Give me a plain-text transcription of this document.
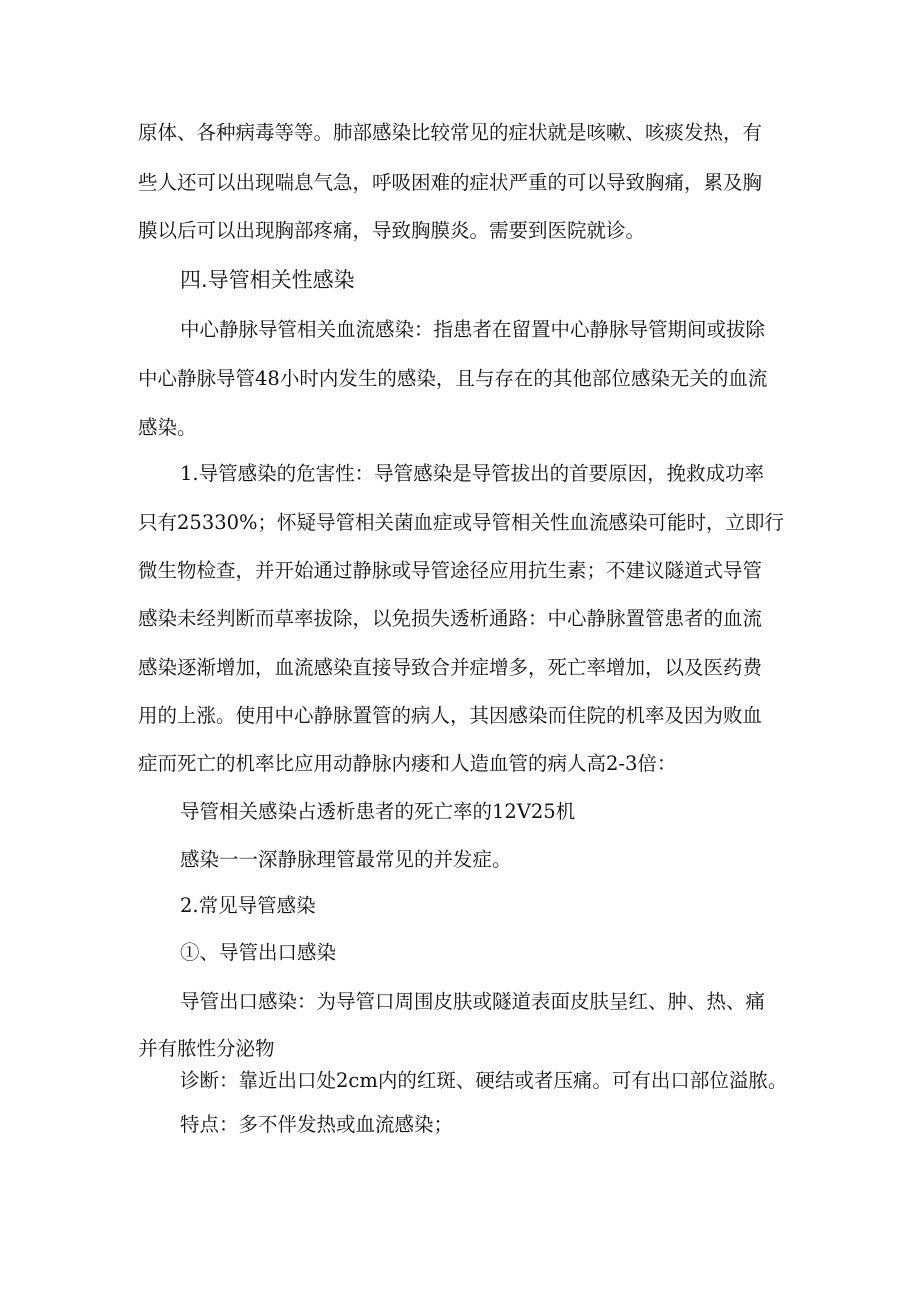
原体、各种病毒等等。肺部感染比较常见的症状就是咳嗽、咳痰发热，有
些人还可以出现喘息气急，呼吸困难的症状严重的可以导致胸痛，累及胸
膜以后可以出现胸部疼痛，导致胸膜炎。需要到医院就诊。
四.导管相关性感染
中心静脉导管相关血流感染：指患者在留置中心静脉导管期间或拔除
中心静脉导管48小时内发生的感染，且与存在的其他部位感染无关的血流
感染。
1.导管感染的危害性：导管感染是导管拔出的首要原因，挽救成功率
只有25330%；怀疑导管相关菌血症或导管相关性血流感染可能时，立即行
微生物检查，并开始通过静脉或导管途径应用抗生素；不建议隧道式导管
感染未经判断而草率拔除，以免损失透析通路：中心静脉置管患者的血流
感染逐渐增加，血流感染直接导致合并症增多，死亡率增加，以及医药费
用的上涨。使用中心静脉置管的病人，其因感染而住院的机率及因为败血
症而死亡的机率比应用动静脉内瘘和人造血管的病人高2-3倍：
导管相关感染占透析患者的死亡率的12V25机
感染一一深静脉理管最常见的并发症。
2.常见导管感染
①、导管出口感染
导管出口感染：为导管口周围皮肤或隧道表面皮肤呈红、肿、热、痛
并有脓性分泌物
诊断：靠近出口处2cm内的红斑、硬结或者压痛。可有出口部位溢脓。
特点：多不伴发热或血流感染；
